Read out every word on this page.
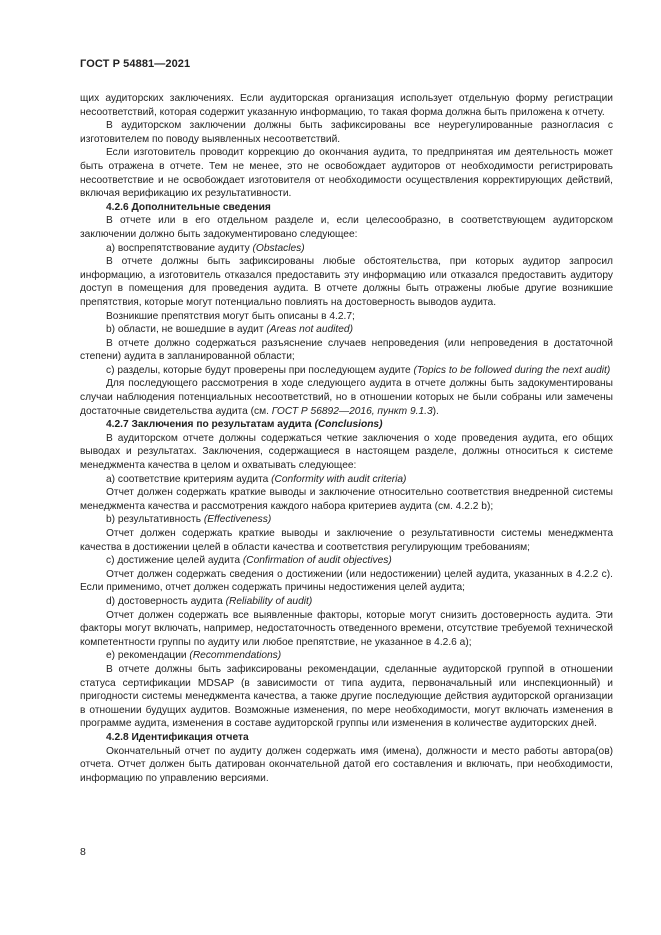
ГОСТ Р 54881—2021

щих аудиторских заключениях. Если аудиторская организация использует отдельную форму регистрации несоответствий, которая содержит указанную информацию, то такая форма должна быть приложена к отчету.

В аудиторском заключении должны быть зафиксированы все неурегулированные разногласия с изготовителем по поводу выявленных несоответствий.

Если изготовитель проводит коррекцию до окончания аудита, то предпринятая им деятельность может быть отражена в отчете. Тем не менее, это не освобождает аудиторов от необходимости регистрировать несоответствие и не освобождает изготовителя от необходимости осуществления корректирующих действий, включая верификацию их результативности.

4.2.6 Дополнительные сведения

В отчете или в его отдельном разделе и, если целесообразно, в соответствующем аудиторском заключении должно быть задокументировано следующее:

a) воспрепятствование аудиту (Obstacles)

В отчете должны быть зафиксированы любые обстоятельства, при которых аудитор запросил информацию, а изготовитель отказался предоставить эту информацию или отказался предоставить аудитору доступ в помещения для проведения аудита. В отчете должны быть отражены любые другие возникшие препятствия, которые могут потенциально повлиять на достоверность выводов аудита.

Возникшие препятствия могут быть описаны в 4.2.7;

b) области, не вошедшие в аудит (Areas not audited)

В отчете должно содержаться разъяснение случаев непроведения (или непроведения в достаточной степени) аудита в запланированной области;

c) разделы, которые будут проверены при последующем аудите (Topics to be followed during the next audit)

Для последующего рассмотрения в ходе следующего аудита в отчете должны быть задокументированы случаи наблюдения потенциальных несоответствий, но в отношении которых не были собраны или замечены достаточные свидетельства аудита (см. ГОСТ Р 56892—2016, пункт 9.1.3).

4.2.7 Заключения по результатам аудита (Conclusions)

В аудиторском отчете должны содержаться четкие заключения о ходе проведения аудита, его общих выводах и результатах. Заключения, содержащиеся в настоящем разделе, должны относиться к системе менеджмента качества в целом и охватывать следующее:

a) соответствие критериям аудита (Conformity with audit criteria)

Отчет должен содержать краткие выводы и заключение относительно соответствия внедренной системы менеджмента качества и рассмотрения каждого набора критериев аудита (см. 4.2.2 b);

b) результативность (Effectiveness)

Отчет должен содержать краткие выводы и заключение о результативности системы менеджмента качества в достижении целей в области качества и соответствия регулирующим требованиям;

c) достижение целей аудита (Confirmation of audit objectives)

Отчет должен содержать сведения о достижении (или недостижении) целей аудита, указанных в 4.2.2 c). Если применимо, отчет должен содержать причины недостижения целей аудита;

d) достоверность аудита (Reliability of audit)

Отчет должен содержать все выявленные факторы, которые могут снизить достоверность аудита. Эти факторы могут включать, например, недостаточность отведенного времени, отсутствие требуемой технической компетентности группы по аудиту или любое препятствие, не указанное в 4.2.6 a);

e) рекомендации (Recommendations)

В отчете должны быть зафиксированы рекомендации, сделанные аудиторской группой в отношении статуса сертификации MDSAP (в зависимости от типа аудита, первоначальный или инспекционный) и пригодности системы менеджмента качества, а также другие последующие действия аудиторской организации в отношении будущих аудитов. Возможные изменения, по мере необходимости, могут включать изменения в программе аудита, изменения в составе аудиторской группы или изменения в количестве аудиторских дней.

4.2.8 Идентификация отчета

Окончательный отчет по аудиту должен содержать имя (имена), должности и место работы автора(ов) отчета. Отчет должен быть датирован окончательной датой его составления и включать, при необходимости, информацию по управлению версиями.

8
